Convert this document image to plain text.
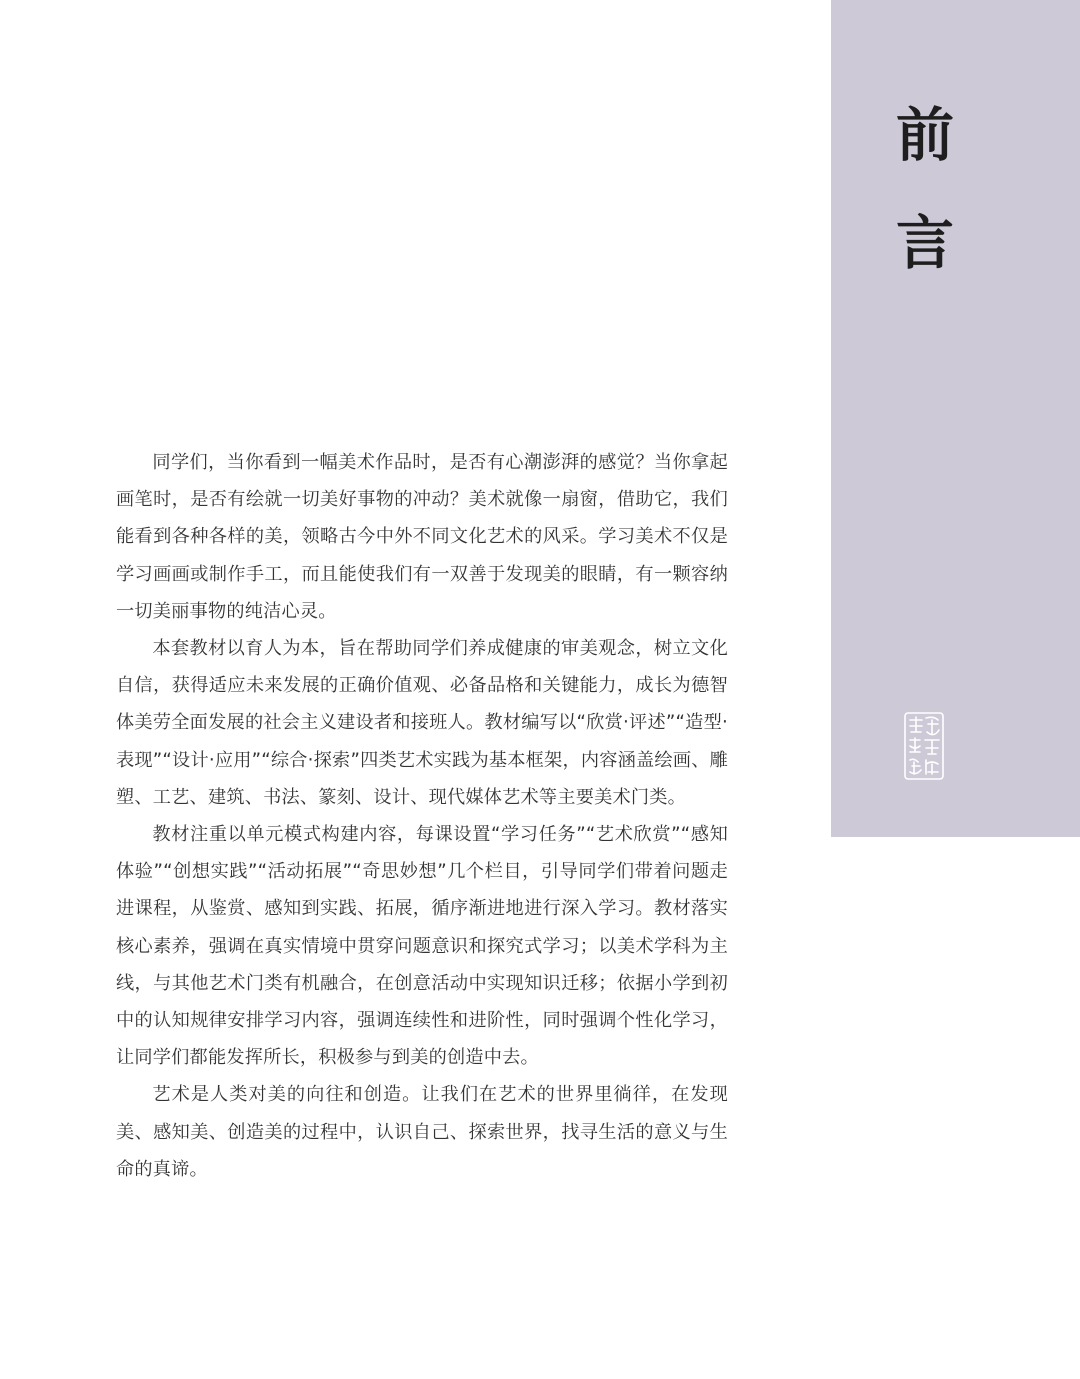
前
言

同学们，当你看到一幅美术作品时，是否有心潮澎湃的感觉？当你拿起画笔时，是否有绘就一切美好事物的冲动？美术就像一扇窗，借助它，我们能看到各种各样的美，领略古今中外不同文化艺术的风采。学习美术不仅是学习画画或制作手工，而且能使我们有一双善于发现美的眼睛，有一颗容纳一切美丽事物的纯洁心灵。

本套教材以育人为本，旨在帮助同学们养成健康的审美观念，树立文化自信，获得适应未来发展的正确价值观、必备品格和关键能力，成长为德智体美劳全面发展的社会主义建设者和接班人。教材编写以“欣赏·评述”“造型·表现”“设计·应用”“综合·探索”四类艺术实践为基本框架，内容涵盖绘画、雕塑、工艺、建筑、书法、篆刻、设计、现代媒体艺术等主要美术门类。

教材注重以单元模式构建内容，每课设置“学习任务”“艺术欣赏”“感知体验”“创想实践”“活动拓展”“奇思妙想”几个栏目，引导同学们带着问题走进课程，从鉴赏、感知到实践、拓展，循序渐进地进行深入学习。教材落实核心素养，强调在真实情境中贯穿问题意识和探究式学习；以美术学科为主线，与其他艺术门类有机融合，在创意活动中实现知识迁移；依据小学到初中的认知规律安排学习内容，强调连续性和进阶性，同时强调个性化学习，让同学们都能发挥所长，积极参与到美的创造中去。

艺术是人类对美的向往和创造。让我们在艺术的世界里徜徉，在发现美、感知美、创造美的过程中，认识自己、探索世界，找寻生活的意义与生命的真谛。
